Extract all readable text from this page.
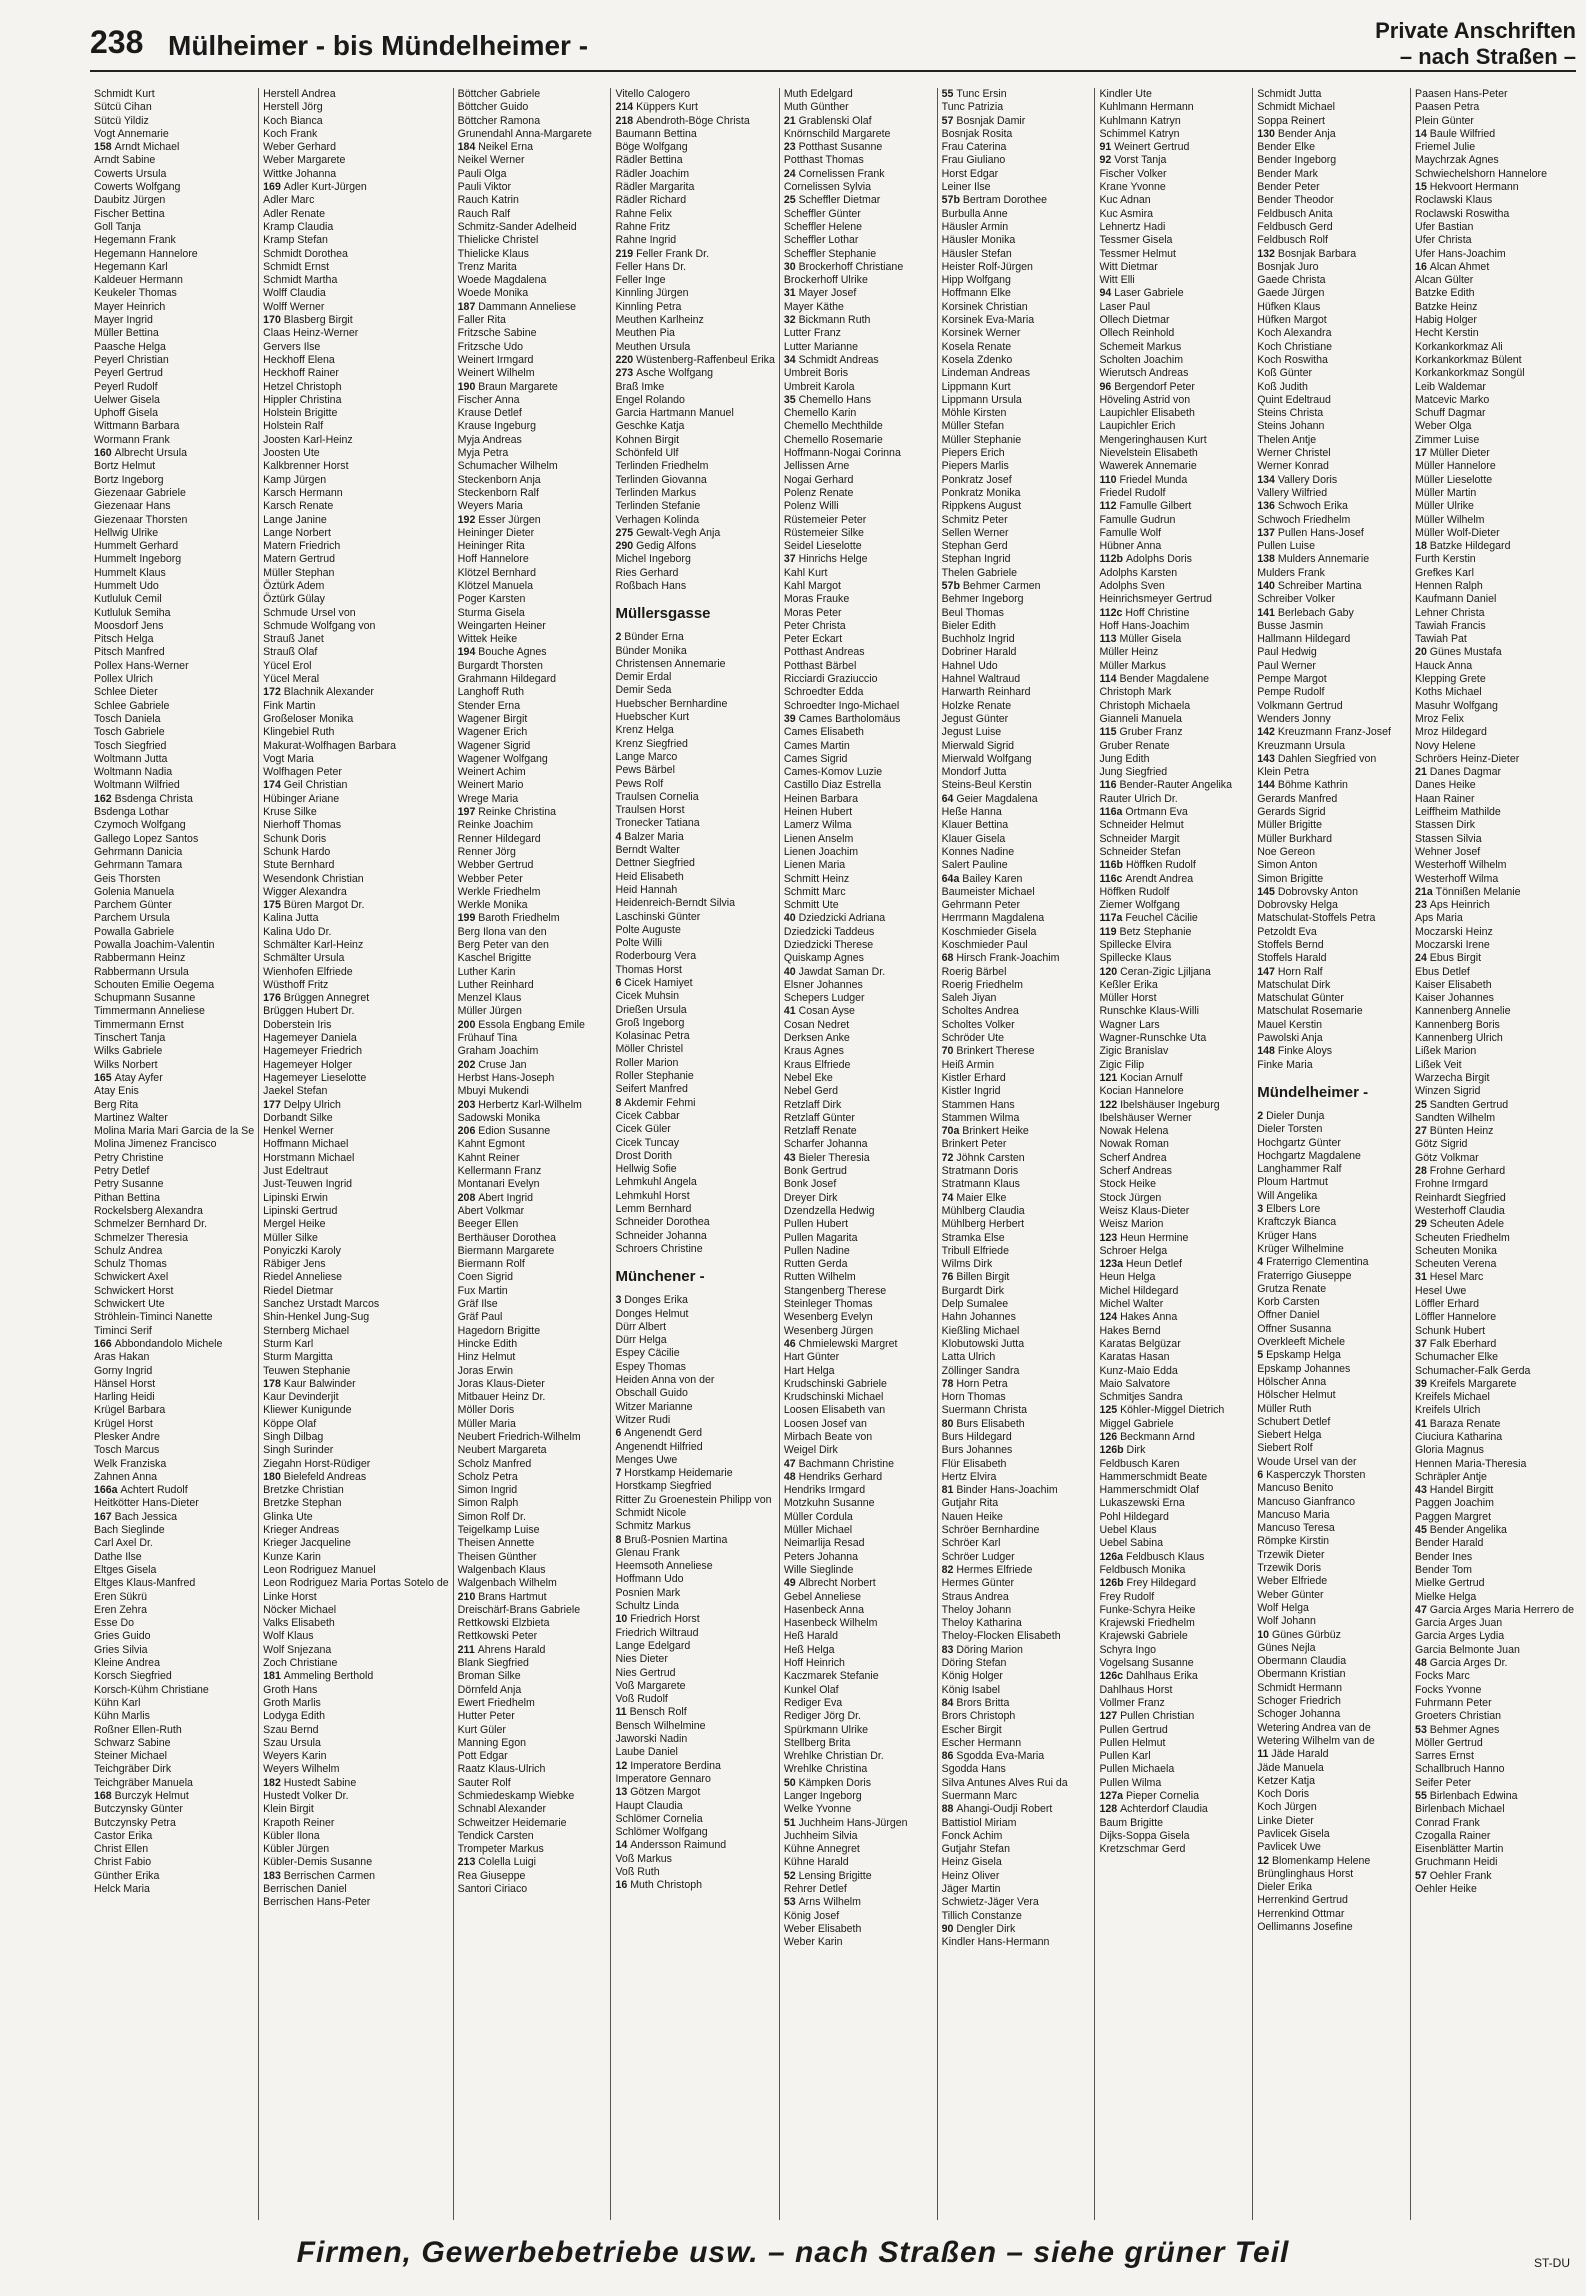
238 Mülheimer - bis Mündelheimer -	Private Anschriften
– nach Straßen –
Schmidt Kurt
Sütcü Cihan
Sütcü Yildiz
Vogt Annemarie
158 Arndt Michael
Arndt Sabine
Cowerts Ursula
Cowerts Wolfgang
Daubitz Jürgen
Fischer Bettina
Goll Tanja
Hegemann Frank
Hegemann Hannelore
Hegemann Karl
Kaldeuer Hermann
Keukeler Thomas
Mayer Heinrich
Mayer Ingrid
Müller Bettina
Paasche Helga
Peyerl Christian
Peyerl Gertrud
Peyerl Rudolf
Uelwer Gisela
Uphoff Gisela
Wittmann Barbara
Wormann Frank
160 Albrecht Ursula
Bortz Helmut
Bortz Ingeborg
Giezenaar Gabriele
Giezenaar Hans
Giezenaar Thorsten
Hellwig Ulrike
Hummelt Gerhard
Hummelt Ingeborg
Hummelt Klaus
Hummelt Udo
Kutluluk Cemil
Kutluluk Semiha
Moosdorf Jens
Pitsch Helga
Pitsch Manfred
Pollex Hans-Werner
Pollex Ulrich
Schlee Dieter
Schlee Gabriele
Tosch Daniela
Tosch Gabriele
Tosch Siegfried
Woltmann Jutta
Woltmann Nadia
Woltmann Wilfried
162 Bsdenga Christa
Bsdenga Lothar
Czymoch Wolfgang
Gallego Lopez Santos
Gehrmann Danicia
Gehrmann Tamara
Geis Thorsten
Golenia Manuela
Parchem Günter
Parchem Ursula
Powalla Gabriele
Powalla Joachim-Valentin
Rabbermann Heinz
Rabbermann Ursula
Schouten Emilie Oegema
Schupmann Susanne
Timmermann Anneliese
Timmermann Ernst
Tinschert Tanja
Wilks Gabriele
Wilks Norbert
165 Atay Ayfer
Atay Enis
Berg Rita
Martinez Walter
Molina Maria Mari Garcia de la Se
Molina Jimenez Francisco
Petry Christine
Petry Detlef
Petry Susanne
Pithan Bettina
Rockelsberg Alexandra
Schmelzer Bernhard Dr.
Schmelzer Theresia
Schulz Andrea
Schulz Thomas
Schwickert Axel
Schwickert Horst
Schwickert Ute
Ströhlein-Timinci Nanette
Timinci Serif
166 Abbondandolo Michele
Aras Hakan
Gorny Ingrid
Hänsel Horst
Harling Heidi
Krügel Barbara
Krügel Horst
Plesker Andre
Tosch Marcus
Welk Franziska
Zahnen Anna
166a Achtert Rudolf
Heitkötter Hans-Dieter
167 Bach Jessica
Bach Sieglinde
Carl Axel Dr.
Dathe Ilse
Eltges Gisela
Eltges Klaus-Manfred
Eren Sükrü
Eren Zehra
Esse Do
Gries Guido
Gries Silvia
Kleine Andrea
Korsch Siegfried
Korsch-Kühm Christiane
Kühn Karl
Kühn Marlis
Roßner Ellen-Ruth
Schwarz Sabine
Steiner Michael
Teichgräber Dirk
Teichgräber Manuela
168 Burczyk Helmut
Butczynsky Günter
Butczynsky Petra
Castor Erika
Christ Ellen
Christ Fabio
Günther Erika
Helck Maria
Herstell Andrea
Herstell Jörg
Koch Bianca
Koch Frank
Weber Gerhard
Weber Margarete
Wittke Johanna
169 Adler Kurt-Jürgen
Adler Marc
Adler Renate
Kramp Claudia
Kramp Stefan
Schmidt Dorothea
Schmidt Ernst
Schmidt Martha
Wolff Claudia
Wolff Werner
170 Blasberg Birgit
Claas Heinz-Werner
Gervers Ilse
Heckhoff Elena
Heckhoff Rainer
Hetzel Christoph
Hippler Christina
Holstein Brigitte
Holstein Ralf
Joosten Karl-Heinz
Joosten Ute
Kalkbrenner Horst
Kamp Jürgen
Karsch Hermann
Karsch Renate
Lange Janine
Lange Norbert
Matern Friedrich
Matern Gertrud
Müller Stephan
Öztürk Adem
Öztürk Gülay
Schmude Ursel von
Schmude Wolfgang von
Strauß Janet
Strauß Olaf
Yücel Erol
Yücel Meral
172 Blachnik Alexander
Fink Martin
Großeloser Monika
Klingebiel Ruth
Makurat-Wolfhagen Barbara
Vogt Maria
Wolfhagen Peter
174 Geil Christian
Hübinger Ariane
Kruse Silke
Nierhoff Thomas
Schunk Doris
Schunk Hardo
Stute Bernhard
Wesendonk Christian
Wigger Alexandra
175 Büren Margot Dr.
Kalina Jutta
Kalina Udo Dr.
Schmälter Karl-Heinz
Schmälter Ursula
Wienhofen Elfriede
Wüsthoff Fritz
176 Brüggen Annegret
Brüggen Hubert Dr.
Doberstein Iris
Hagemeyer Daniela
Hagemeyer Friedrich
Hagemeyer Holger
Hagemeyer Lieselotte
Jaekel Stefan
177 Delpy Ulrich
Dorbandt Silke
Henkel Werner
Hoffmann Michael
Horstmann Michael
Just Edeltraut
Just-Teuwen Ingrid
Lipinski Erwin
Lipinski Gertrud
Mergel Heike
Müller Silke
Ponyiczki Karoly
Räbiger Jens
Riedel Anneliese
Riedel Dietmar
Sanchez Urstadt Marcos
Shin-Henkel Jung-Sug
Sternberg Michael
Sturm Karl
Sturm Margitta
Teuwen Stephanie
178 Kaur Balwinder
Kaur Devinderjit
Kliewer Kunigunde
Köppe Olaf
Singh Dilbag
Singh Surinder
Ziegahn Horst-Rüdiger
180 Bielefeld Andreas
Bretzke Christian
Bretzke Stephan
Glinka Ute
Krieger Andreas
Krieger Jacqueline
Kunze Karin
Leon Rodriguez Manuel
Leon Rodriguez Maria Portas Sotelo de
Linke Horst
Nöcker Michael
Valks Elisabeth
Wolf Klaus
Wolf Snjezana
Zoch Christiane
181 Ammeling Berthold
Groth Hans
Groth Marlis
Lodyga Edith
Szau Bernd
Szau Ursula
Weyers Karin
Weyers Wilhelm
182 Hustedt Sabine
Hustedt Volker Dr.
Klein Birgit
Krapoth Reiner
Kübler Ilona
Kübler Jürgen
Kübler-Demis Susanne
183 Berrischen Carmen
Berrischen Daniel
Berrischen Hans-Peter
Böttcher Gabriele
Böttcher Guido
Böttcher Ramona
Grunendahl Anna-Margarete
184 Neikel Erna
Neikel Werner
Pauli Olga
Pauli Viktor
Rauch Katrin
Rauch Ralf
Schmitz-Sander Adelheid
Thielicke Christel
Thielicke Klaus
Trenz Marita
Woede Magdalena
Woede Monika
187 Dammann Anneliese
Faller Rita
Fritzsche Sabine
Fritzsche Udo
Weinert Irmgard
Weinert Wilhelm
190 Braun Margarete
Fischer Anna
Krause Detlef
Krause Ingeburg
Myja Andreas
Myja Petra
Schumacher Wilhelm
Steckenborn Anja
Steckenborn Ralf
Weyers Maria
192 Esser Jürgen
Heininger Dieter
Heininger Rita
Hoff Hannelore
Klötzel Bernhard
Klötzel Manuela
Poger Karsten
Sturma Gisela
Weingarten Heiner
Wittek Heike
194 Bouche Agnes
Burgardt Thorsten
Grahmann Hildegard
Langhoff Ruth
Stender Erna
Wagener Birgit
Wagener Erich
Wagener Sigrid
Wagener Wolfgang
Weinert Achim
Weinert Mario
Wrege Maria
197 Reinke Christina
Reinke Joachim
Renner Hildegard
Renner Jörg
Webber Gertrud
Webber Peter
Werkle Friedhelm
Werkle Monika
199 Baroth Friedhelm
Berg Ilona van den
Berg Peter van den
Kaschel Brigitte
Luther Karin
Luther Reinhard
Menzel Klaus
Müller Jürgen
200 Essola Engbang Emile
Frühauf Tina
Graham Joachim
202 Cruse Jan
Herbst Hans-Joseph
Mbuyi Mukendi
203 Herbertz Karl-Wilhelm
Sadowski Monika
206 Edion Susanne
Kahnt Egmont
Kahnt Reiner
Kellermann Franz
Montanari Evelyn
208 Abert Ingrid
Abert Volkmar
Beeger Ellen
Berthäuser Dorothea
Biermann Margarete
Biermann Rolf
Coen Sigrid
Fux Martin
Gräf Ilse
Gräf Paul
Hagedorn Brigitte
Hincke Edith
Hinz Helmut
Joras Erwin
Joras Klaus-Dieter
Mitbauer Heinz Dr.
Möller Doris
Müller Maria
Neubert Friedrich-Wilhelm
Neubert Margareta
Scholz Manfred
Scholz Petra
Simon Ingrid
Simon Ralph
Simon Rolf Dr.
Teigelkamp Luise
Theisen Annette
Theisen Günther
Walgenbach Klaus
Walgenbach Wilhelm
210 Brans Hartmut
Dreischärf-Brans Gabriele
Rettkowski Elzbieta
Rettkowski Peter
211 Ahrens Harald
Blank Siegfried
Broman Silke
Dörnfeld Anja
Ewert Friedhelm
Hutter Peter
Kurt Güler
Manning Egon
Pott Edgar
Raatz Klaus-Ulrich
Sauter Rolf
Schmiedeskamp Wiebke
Schnabl Alexander
Schweitzer Heidemarie
Tendick Carsten
Trompeter Markus
213 Colella Luigi
Rea Giuseppe
Santori Ciriaco
Vitello Calogero
214 Küppers Kurt
218 Abendroth-Böge Christa
Baumann Bettina
Böge Wolfgang
Rädler Bettina
Rädler Joachim
Rädler Margarita
Rädler Richard
Rahne Felix
Rahne Fritz
Rahne Ingrid
219 Feller Frank Dr.
Feller Hans Dr.
Feller Inge
Kinnling Jürgen
Kinnling Petra
Meuthen Karlheinz
Meuthen Pia
Meuthen Ursula
220 Wüstenberg-Raffenbeul Erika
273 Asche Wolfgang
Braß Imke
Engel Rolando
Garcia Hartmann Manuel
Geschke Katja
Kohnen Birgit
Schönfeld Ulf
Terlinden Friedhelm
Terlinden Giovanna
Terlinden Markus
Terlinden Stefanie
Verhagen Kolinda
275 Gewalt-Vegh Anja
290 Gedig Alfons
Michel Ingeborg
Ries Gerhard
Roßbach Hans
Müllersgasse
2 Bünder Erna
Bünder Monika
Christensen Annemarie
Demir Erdal
Demir Seda
Huebscher Bernhardine
Huebscher Kurt
Krenz Helga
Krenz Siegfried
Lange Marco
Pews Bärbel
Pews Rolf
Traulsen Cornelia
Traulsen Horst
Tronecker Tatiana
4 Balzer Maria
Berndt Walter
Dettner Siegfried
Heid Elisabeth
Heid Hannah
Heidenreich-Berndt Silvia
Laschinski Günter
Polte Auguste
Polte Willi
Roderbourg Vera
Thomas Horst
6 Cicek Hamiyet
Cicek Muhsin
Drießen Ursula
Groß Ingeborg
Kolasinac Petra
Möller Christel
Roller Marion
Roller Stephanie
Seifert Manfred
8 Akdemir Fehmi
Cicek Cabbar
Cicek Güler
Cicek Tuncay
Drost Dorith
Hellwig Sofie
Lehmkuhl Angela
Lehmkuhl Horst
Lemm Bernhard
Schneider Dorothea
Schneider Johanna
Schroers Christine
Münchener -
3 Donges Erika
Donges Helmut
Dürr Albert
Dürr Helga
Espey Cäcilie
Espey Thomas
Heiden Anna von der
Obschall Guido
Witzer Marianne
Witzer Rudi
6 Angenendt Gerd
Angenendt Hilfried
Menges Uwe
7 Horstkamp Heidemarie
Horstkamp Siegfried
Ritter Zu Groenestein Philipp von
Schmidt Nicole
Schmitz Markus
8 Bruß-Posnien Martina
Glenau Frank
Heemsoth Anneliese
Hoffmann Udo
Posnien Mark
Schultz Linda
10 Friedrich Horst
Friedrich Wiltraud
Lange Edelgard
Nies Dieter
Nies Gertrud
Voß Margarete
Voß Rudolf
11 Bensch Rolf
Bensch Wilhelmine
Jaworski Nadin
Laube Daniel
12 Imperatore Berdina
Imperatore Gennaro
13 Götzen Margot
Haupt Claudia
Schlömer Cornelia
Schlömer Wolfgang
14 Andersson Raimund
Voß Markus
Voß Ruth
16 Muth Christoph
Muth Edelgard
Muth Günther
21 Grablenski Olaf
Knörnschild Margarete
23 Potthast Susanne
Potthast Thomas
24 Cornelissen Frank
Cornelissen Sylvia
25 Scheffler Dietmar
Scheffler Günter
Scheffler Helene
Scheffler Lothar
Scheffler Stephanie
30 Brockerhoff Christiane
Brockerhoff Ulrike
31 Mayer Josef
Mayer Käthe
32 Bickmann Ruth
Lutter Franz
Lutter Marianne
34 Schmidt Andreas
Umbreit Boris
Umbreit Karola
35 Chemello Hans
Chemello Karin
Chemello Mechthilde
Chemello Rosemarie
Hoffmann-Nogai Corinna
Jellissen Arne
Nogai Gerhard
Polenz Renate
Polenz Willi
Rüstemeier Peter
Rüstemeier Silke
Seidel Lieselotte
37 Hinrichs Helge
Kahl Kurt
Kahl Margot
Moras Frauke
Moras Peter
Peter Christa
Peter Eckart
Potthast Andreas
Potthast Bärbel
Ricciardi Graziuccio
Schroedter Edda
Schroedter Ingo-Michael
39 Cames Bartholomäus
Cames Elisabeth
Cames Martin
Cames Sigrid
Cames-Komov Luzie
Castillo Diaz Estrella
Heinen Barbara
Heinen Hubert
Lamerz Wilma
Lienen Anselm
Lienen Joachim
Lienen Maria
Schmitt Heinz
Schmitt Marc
Schmitt Ute
40 Dziedzicki Adriana
Dziedzicki Taddeus
Dziedzicki Therese
Quiskamp Agnes
40 Jawdat Saman Dr.
Elsner Johannes
Schepers Ludger
41 Cosan Ayse
Cosan Nedret
Derksen Anke
Kraus Agnes
Kraus Elfriede
Nebel Eke
Nebel Gerd
Retzlaff Dirk
Retzlaff Günter
Retzlaff Renate
Scharfer Johanna
43 Bieler Theresia
Bonk Gertrud
Bonk Josef
Dreyer Dirk
Dzendzella Hedwig
Pullen Hubert
Pullen Magarita
Pullen Nadine
Rutten Gerda
Rutten Wilhelm
Stangenberg Therese
Steinleger Thomas
Wesenberg Evelyn
Wesenberg Jürgen
46 Chmielewski Margret
Hart Günter
Hart Helga
Krudschinski Gabriele
Krudschinski Michael
Loosen Elisabeth van
Loosen Josef van
Mirbach Beate von
Weigel Dirk
47 Bachmann Christine
48 Hendriks Gerhard
Hendriks Irmgard
Motzkuhn Susanne
Müller Cordula
Müller Michael
Neimarlija Resad
Peters Johanna
Wille Sieglinde
49 Albrecht Norbert
Gebel Anneliese
Hasenbeck Anna
Hasenbeck Wilhelm
Heß Harald
Heß Helga
Hoff Heinrich
Kaczmarek Stefanie
Kunkel Olaf
Rediger Eva
Rediger Jörg Dr.
Spürkmann Ulrike
Stellberg Brita
Wrehlke Christian Dr.
Wrehlke Christina
50 Kämpken Doris
Langer Ingeborg
Welke Yvonne
51 Juchheim Hans-Jürgen
Juchheim Silvia
Kühne Annegret
Kühne Harald
52 Lensing Brigitte
Rehrer Detlef
53 Arns Wilhelm
König Josef
Weber Elisabeth
Weber Karin
55 Tunc Ersin
Tunc Patrizia
57 Bosnjak Damir
Bosnjak Rosita
Frau Caterina
Frau Giuliano
Horst Edgar
Leiner Ilse
57b Bertram Dorothee
Burbulla Anne
Häusler Armin
Häusler Monika
Häusler Stefan
Heister Rolf-Jürgen
Hipp Wolfgang
Hoffmann Elke
Korsinek Christian
Korsinek Eva-Maria
Korsinek Werner
Kosela Renate
Kosela Zdenko
Lindeman Andreas
Lippmann Kurt
Lippmann Ursula
Möhle Kirsten
Müller Stefan
Müller Stephanie
Piepers Erich
Piepers Marlis
Ponkratz Josef
Ponkratz Monika
Rippkens August
Schmitz Peter
Sellen Werner
Stephan Gerd
Stephan Ingrid
Thelen Gabriele
57b Behmer Carmen
Behmer Ingeborg
Beul Thomas
Bieler Edith
Buchholz Ingrid
Dobriner Harald
Hahnel Udo
Hahnel Waltraud
Harwarth Reinhard
Holzke Renate
Jegust Günter
Jegust Luise
Mierwald Sigrid
Mierwald Wolfgang
Mondorf Jutta
Steins-Beul Kerstin
64 Geier Magdalena
Heße Hanna
Klauer Bettina
Klauer Gisela
Konnes Nadine
Salert Pauline
64a Bailey Karen
Baumeister Michael
Gehrmann Peter
Herrmann Magdalena
Koschmieder Gisela
Koschmieder Paul
68 Hirsch Frank-Joachim
Roerig Bärbel
Roerig Friedhelm
Saleh Jiyan
Scholtes Andrea
Scholtes Volker
Schröder Ute
70 Brinkert Therese
Heiß Armin
Kistler Erhard
Kistler Ingrid
Stammen Hans
Stammen Wilma
70a Brinkert Heike
Brinkert Peter
72 Jöhnk Carsten
Stratmann Doris
Stratmann Klaus
74 Maier Elke
Mühlberg Claudia
Mühlberg Herbert
Stramka Else
Tribull Elfriede
Wilms Dirk
76 Billen Birgit
Burgardt Dirk
Delp Sumalee
Hahn Johannes
Kießling Michael
Klobutowski Jutta
Latta Ulrich
Zöllinger Sandra
78 Horn Petra
Horn Thomas
Suermann Christa
80 Burs Elisabeth
Burs Hildegard
Burs Johannes
Flür Elisabeth
Hertz Elvira
81 Binder Hans-Joachim
Gutjahr Rita
Nauen Heike
Schröer Bernhardine
Schröer Karl
Schröer Ludger
82 Hermes Elfriede
Hermes Günter
Straus Andrea
Theloy Johann
Theloy Katharina
Theloy-Flocken Elisabeth
83 Döring Marion
Döring Stefan
König Holger
König Isabel
84 Brors Britta
Brors Christoph
Escher Birgit
Escher Hermann
86 Sgodda Eva-Maria
Sgodda Hans
Silva Antunes Alves Rui da
Suermann Marc
88 Ahangi-Oudji Robert
Battistiol Miriam
Fonck Achim
Gutjahr Stefan
Heinz Gisela
Heinz Oliver
Jäger Martin
Schwietz-Jäger Vera
Tillich Constanze
90 Dengler Dirk
Kindler Hans-Hermann
Kindler Ute
Kuhlmann Hermann
Kuhlmann Katryn
Schimmel Katryn
91 Weinert Gertrud
92 Vorst Tanja
Fischer Volker
Krane Yvonne
Kuc Adnan
Kuc Asmira
Lehnertz Hadi
Tessmer Gisela
Tessmer Helmut
Witt Dietmar
Witt Elli
94 Laser Gabriele
Laser Paul
Ollech Dietmar
Ollech Reinhold
Schemeit Markus
Scholten Joachim
Wierutsch Andreas
96 Bergendorf Peter
Höveling Astrid von
Laupichler Elisabeth
Laupichler Erich
Mengeringhausen Kurt
Nievelstein Elisabeth
Wawerek Annemarie
110 Friedel Munda
Friedel Rudolf
112 Famulle Gilbert
Famulle Gudrun
Famulle Wolf
Hübner Anna
112b Adolphs Doris
Adolphs Karsten
Adolphs Sven
Heinrichsmeyer Gertrud
112c Hoff Christine
Hoff Hans-Joachim
113 Müller Gisela
Müller Heinz
Müller Markus
114 Bender Magdalene
Christoph Mark
Christoph Michaela
Gianneli Manuela
115 Gruber Franz
Gruber Renate
Jung Edith
Jung Siegfried
116 Bender-Rauter Angelika
Rauter Ulrich Dr.
116a Ortmann Eva
Schneider Helmut
Schneider Margit
Schneider Stefan
116b Höffken Rudolf
116c Arendt Andrea
Höffken Rudolf
Ziemer Wolfgang
117a Feuchel Cäcilie
119 Betz Stephanie
Spillecke Elvira
Spillecke Klaus
120 Ceran-Zigic Ljiljana
Keßler Erika
Müller Horst
Runschke Klaus-Willi
Wagner Lars
Wagner-Runschke Uta
Zigic Branislav
Zigic Filip
121 Kocian Arnulf
Kocian Hannelore
122 Ibelshäuser Ingeburg
Ibelshäuser Werner
Nowak Helena
Nowak Roman
Scherf Andrea
Scherf Andreas
Stock Heike
Stock Jürgen
Weisz Klaus-Dieter
Weisz Marion
123 Heun Hermine
Schroer Helga
123a Heun Detlef
Heun Helga
Michel Hildegard
Michel Walter
124 Hakes Anna
Hakes Bernd
Karatas Belgüzar
Karatas Hasan
Kunz-Maio Edda
Maio Salvatore
Schmitjes Sandra
125 Köhler-Miggel Dietrich
Miggel Gabriele
126 Beckmann Arnd
126b Dirk
Feldbusch Karen
Hammerschmidt Beate
Hammerschmidt Olaf
Lukaszewski Erna
Pohl Hildegard
Uebel Klaus
Uebel Sabina
126a Feldbusch Klaus
Feldbusch Monika
126b Frey Hildegard
Frey Rudolf
Funke-Schyra Heike
Krajewski Friedhelm
Krajewski Gabriele
Schyra Ingo
Vogelsang Susanne
126c Dahlhaus Erika
Dahlhaus Horst
Vollmer Franz
127 Pullen Christian
Pullen Gertrud
Pullen Helmut
Pullen Karl
Pullen Michaela
Pullen Wilma
127a Pieper Cornelia
128 Achterdorf Claudia
Baum Brigitte
Dijks-Soppa Gisela
Kretzschmar Gerd
Schmidt Jutta
Schmidt Michael
Soppa Reinert
130 Bender Anja
Bender Elke
Bender Ingeborg
Bender Mark
Bender Peter
Bender Theodor
Feldbusch Anita
Feldbusch Gerd
Feldbusch Rolf
132 Bosnjak Barbara
Bosnjak Juro
Gaede Christa
Gaede Jürgen
Hüfken Klaus
Hüfken Margot
Koch Alexandra
Koch Christiane
Koch Roswitha
Koß Günter
Koß Judith
Quint Edeltraud
Steins Christa
Steins Johann
Thelen Antje
Werner Christel
Werner Konrad
134 Vallery Doris
Vallery Wilfried
136 Schwoch Erika
Schwoch Friedhelm
137 Pullen Hans-Josef
Pullen Luise
138 Mulders Annemarie
Mulders Frank
140 Schreiber Martina
Schreiber Volker
141 Berlebach Gaby
Busse Jasmin
Hallmann Hildegard
Paul Hedwig
Paul Werner
Pempe Margot
Pempe Rudolf
Volkmann Gertrud
Wenders Jonny
142 Kreuzmann Franz-Josef
Kreuzmann Ursula
143 Dahlen Siegfried von
Klein Petra
144 Böhme Kathrin
Gerards Manfred
Gerards Sigrid
Müller Brigitte
Müller Burkhard
Noe Gereon
Simon Anton
Simon Brigitte
145 Dobrovsky Anton
Dobrovsky Helga
Matschulat-Stoffels Petra
Petzoldt Eva
Stoffels Bernd
Stoffels Harald
147 Horn Ralf
Matschulat Dirk
Matschulat Günter
Matschulat Rosemarie
Mauel Kerstin
Pawolski Anja
148 Finke Aloys
Finke Maria
Mündelheimer -
2 Dieler Dunja
Dieler Torsten
Hochgartz Günter
Hochgartz Magdalene
Langhammer Ralf
Ploum Hartmut
Will Angelika
3 Elbers Lore
Kraftczyk Bianca
Krüger Hans
Krüger Wilhelmine
4 Fraterrigo Clementina
Fraterrigo Giuseppe
Grutza Renate
Korb Carsten
Offner Daniel
Offner Susanna
Overkleeft Michele
5 Epskamp Helga
Epskamp Johannes
Hölscher Anna
Hölscher Helmut
Müller Ruth
Schubert Detlef
Siebert Helga
Siebert Rolf
Woude Ursel van der
6 Kasperczyk Thorsten
Mancuso Benito
Mancuso Gianfranco
Mancuso Maria
Mancuso Teresa
Römpke Kirstin
Trzewik Dieter
Trzewik Doris
Weber Elfriede
Weber Günter
Wolf Helga
Wolf Johann
10 Günes Gürbüz
Günes Nejla
Obermann Claudia
Obermann Kristian
Schmidt Hermann
Schoger Friedrich
Schoger Johanna
Wetering Andrea van de
Wetering Wilhelm van de
11 Jäde Harald
Jäde Manuela
Ketzer Katja
Koch Doris
Koch Jürgen
Linke Dieter
Pavlicek Gisela
Pavlicek Uwe
12 Blomenkamp Helene
Brünglinghaus Horst
Dieler Erika
Herrenkind Gertrud
Herrenkind Ottmar
Oellimanns Josefine
Paasen Hans-Peter
Paasen Petra
Plein Günter
14 Baule Wilfried
Friemel Julie
Maychrzak Agnes
Schwiechelshorn Hannelore
15 Hekvoort Hermann
Roclawski Klaus
Roclawski Roswitha
Ufer Bastian
Ufer Christa
Ufer Hans-Joachim
16 Alcan Ahmet
Alcan Gülter
Batzke Edith
Batzke Heinz
Habig Holger
Hecht Kerstin
Korkankorkmaz Ali
Korkankorkmaz Bülent
Korkankorkmaz Songül
Leib Waldemar
Matcevic Marko
Schuff Dagmar
Weber Olga
Zimmer Luise
17 Müller Dieter
Müller Hannelore
Müller Lieselotte
Müller Martin
Müller Ulrike
Müller Wilhelm
Müller Wolf-Dieter
18 Batzke Hildegard
Furth Kerstin
Grefkes Karl
Hennen Ralph
Kaufmann Daniel
Lehner Christa
Tawiah Francis
Tawiah Pat
20 Günes Mustafa
Hauck Anna
Klepping Grete
Koths Michael
Masuhr Wolfgang
Mroz Felix
Mroz Hildegard
Novy Helene
Schröers Heinz-Dieter
21 Danes Dagmar
Danes Heike
Haan Rainer
Leiffheim Mathilde
Stassen Dirk
Stassen Silvia
Wehner Josef
Westerhoff Wilhelm
Westerhoff Wilma
21a Tönnißen Melanie
23 Aps Heinrich
Aps Maria
Moczarski Heinz
Moczarski Irene
24 Ebus Birgit
Ebus Detlef
Kaiser Elisabeth
Kaiser Johannes
Kannenberg Annelie
Kannenberg Boris
Kannenberg Ulrich
Lißek Marion
Lißek Veit
Warzecha Birgit
Winzen Sigrid
25 Sandten Gertrud
Sandten Wilhelm
27 Bünten Heinz
Götz Sigrid
Götz Volkmar
28 Frohne Gerhard
Frohne Irmgard
Reinhardt Siegfried
Westerhoff Claudia
29 Scheuten Adele
Scheuten Friedhelm
Scheuten Monika
Scheuten Verena
31 Hesel Marc
Hesel Uwe
Löffler Erhard
Löffler Hannelore
Schunk Hubert
37 Falk Eberhard
Schumacher Elke
Schumacher-Falk Gerda
39 Kreifels Margarete
Kreifels Michael
Kreifels Ulrich
41 Baraza Renate
Ciuciura Katharina
Gloria Magnus
Hennen Maria-Theresia
Schräpler Antje
43 Handel Birgitt
Paggen Joachim
Paggen Margret
45 Bender Angelika
Bender Harald
Bender Ines
Bender Tom
Mielke Gertrud
Mielke Helga
47 Garcia Arges Maria Herrero de
Garcia Arges Juan
Garcia Arges Lydia
Garcia Belmonte Juan
48 Garcia Arges Dr.
Focks Marc
Focks Yvonne
Fuhrmann Peter
Groeters Christian
53 Behmer Agnes
Möller Gertrud
Sarres Ernst
Schallbruch Hanno
Seifer Peter
55 Birlenbach Edwina
Birlenbach Michael
Conrad Frank
Czogalla Rainer
Eisenblätter Martin
Gruchmann Heidi
57 Oehler Frank
Oehler Heike
Firmen, Gewerbebetriebe usw. – nach Straßen – siehe grüner Teil	ST-DU
